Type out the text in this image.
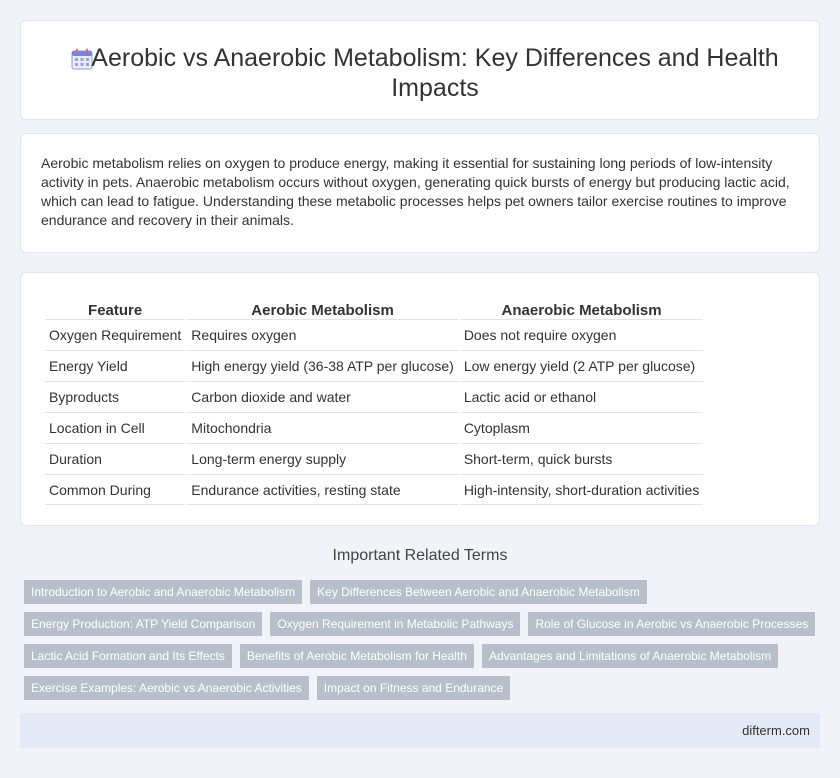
Aerobic vs Anaerobic Metabolism: Key Differences and Health Impacts

Aerobic metabolism relies on oxygen to produce energy, making it essential for sustaining long periods of low-intensity activity in pets. Anaerobic metabolism occurs without oxygen, generating quick bursts of energy but producing lactic acid, which can lead to fatigue. Understanding these metabolic processes helps pet owners tailor exercise routines to improve endurance and recovery in their animals.

Feature	Aerobic Metabolism	Anaerobic Metabolism
Oxygen Requirement	Requires oxygen	Does not require oxygen
Energy Yield	High energy yield (36-38 ATP per glucose)	Low energy yield (2 ATP per glucose)
Byproducts	Carbon dioxide and water	Lactic acid or ethanol
Location in Cell	Mitochondria	Cytoplasm
Duration	Long-term energy supply	Short-term, quick bursts
Common During	Endurance activities, resting state	High-intensity, short-duration activities
Important Related Terms
Introduction to Aerobic and Anaerobic Metabolism	Key Differences Between Aerobic and Anaerobic Metabolism
Energy Production: ATP Yield Comparison	Oxygen Requirement in Metabolic Pathways	Role of Glucose in Aerobic vs Anaerobic Processes
Lactic Acid Formation and Its Effects	Benefits of Aerobic Metabolism for Health	Advantages and Limitations of Anaerobic Metabolism
Exercise Examples: Aerobic vs Anaerobic Activities	Impact on Fitness and Endurance
difterm.com
